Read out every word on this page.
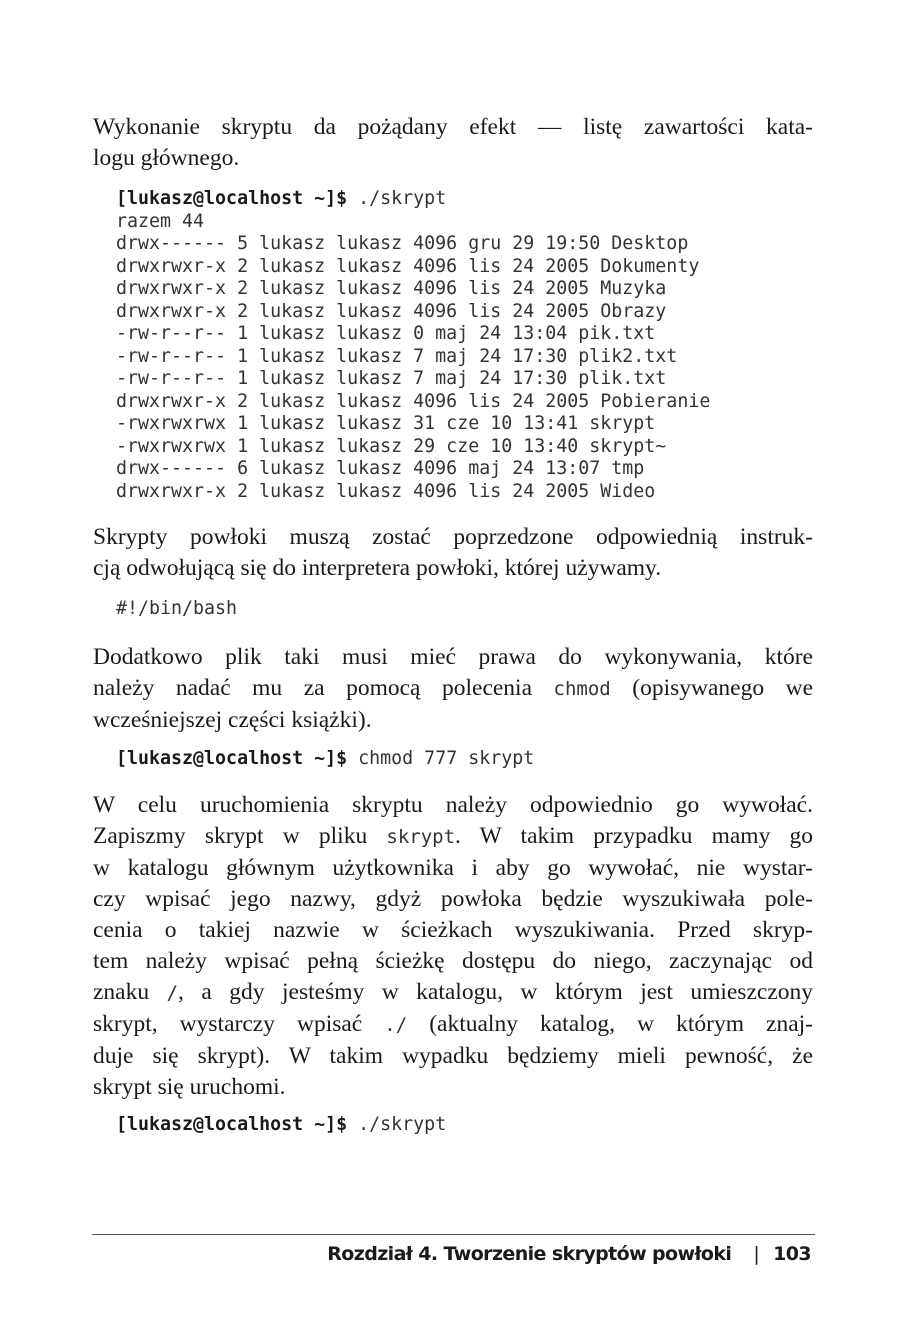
Wykonanie skryptu da pożądany efekt — listę zawartości kata-
logu głównego.
[lukasz@localhost ~]$ ./skrypt
razem 44
drwx------ 5 lukasz lukasz 4096 gru 29 19:50 Desktop
drwxrwxr-x 2 lukasz lukasz 4096 lis 24 2005 Dokumenty
drwxrwxr-x 2 lukasz lukasz 4096 lis 24 2005 Muzyka
drwxrwxr-x 2 lukasz lukasz 4096 lis 24 2005 Obrazy
-rw-r--r-- 1 lukasz lukasz 0 maj 24 13:04 pik.txt
-rw-r--r-- 1 lukasz lukasz 7 maj 24 17:30 plik2.txt
-rw-r--r-- 1 lukasz lukasz 7 maj 24 17:30 plik.txt
drwxrwxr-x 2 lukasz lukasz 4096 lis 24 2005 Pobieranie
-rwxrwxrwx 1 lukasz lukasz 31 cze 10 13:41 skrypt
-rwxrwxrwx 1 lukasz lukasz 29 cze 10 13:40 skrypt~
drwx------ 6 lukasz lukasz 4096 maj 24 13:07 tmp
drwxrwxr-x 2 lukasz lukasz 4096 lis 24 2005 Wideo
Skrypty powłoki muszą zostać poprzedzone odpowiednią instruk-
cją odwołującą się do interpretera powłoki, której używamy.
#!/bin/bash
Dodatkowo plik taki musi mieć prawa do wykonywania, które
należy nadać mu za pomocą polecenia chmod (opisywanego we
wcześniejszej części książki).
[lukasz@localhost ~]$ chmod 777 skrypt
W celu uruchomienia skryptu należy odpowiednio go wywołać.
Zapiszmy skrypt w pliku skrypt. W takim przypadku mamy go
w katalogu głównym użytkownika i aby go wywołać, nie wystar-
czy wpisać jego nazwy, gdyż powłoka będzie wyszukiwała pole-
cenia o takiej nazwie w ścieżkach wyszukiwania. Przed skryp-
tem należy wpisać pełną ścieżkę dostępu do niego, zaczynając od
znaku /, a gdy jesteśmy w katalogu, w którym jest umieszczony
skrypt, wystarczy wpisać ./ (aktualny katalog, w którym znaj-
duje się skrypt). W takim wypadku będziemy mieli pewność, że
skrypt się uruchomi.
[lukasz@localhost ~]$ ./skrypt
Rozdział 4. Tworzenie skryptów powłoki | 103
